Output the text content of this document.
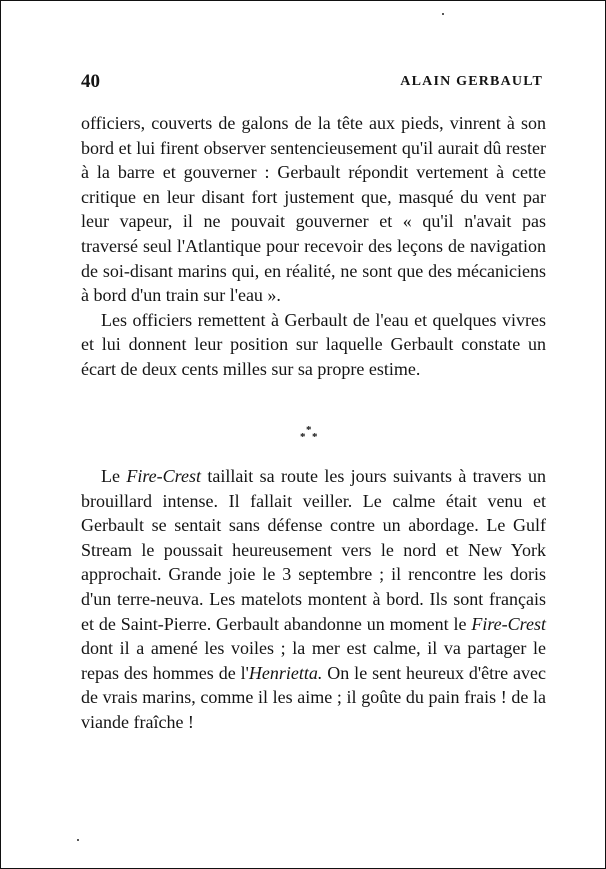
40	ALAIN GERBAULT

officiers, couverts de galons de la tête aux pieds, vinrent à son bord et lui firent observer sentencieusement qu'il aurait dû rester à la barre et gouverner : Gerbault répondit vertement à cette critique en leur disant fort justement que, masqué du vent par leur vapeur, il ne pouvait gouverner et « qu'il n'avait pas traversé seul l'Atlantique pour recevoir des leçons de navigation de soi-disant marins qui, en réalité, ne sont que des mécaniciens à bord d'un train sur l'eau ».

Les officiers remettent à Gerbault de l'eau et quelques vivres et lui donnent leur position sur laquelle Gerbault constate un écart de deux cents milles sur sa propre estime.

*
* *

Le Fire-Crest taillait sa route les jours suivants à travers un brouillard intense. Il fallait veiller. Le calme était venu et Gerbault se sentait sans défense contre un abordage. Le Gulf Stream le poussait heureusement vers le nord et New York approchait. Grande joie le 3 septembre ; il rencontre les doris d'un terre-neuva. Les matelots montent à bord. Ils sont français et de Saint-Pierre. Gerbault abandonne un moment le Fire-Crest dont il a amené les voiles ; la mer est calme, il va partager le repas des hommes de l'Henrietta. On le sent heureux d'être avec de vrais marins, comme il les aime ; il goûte du pain frais ! de la viande fraîche !
